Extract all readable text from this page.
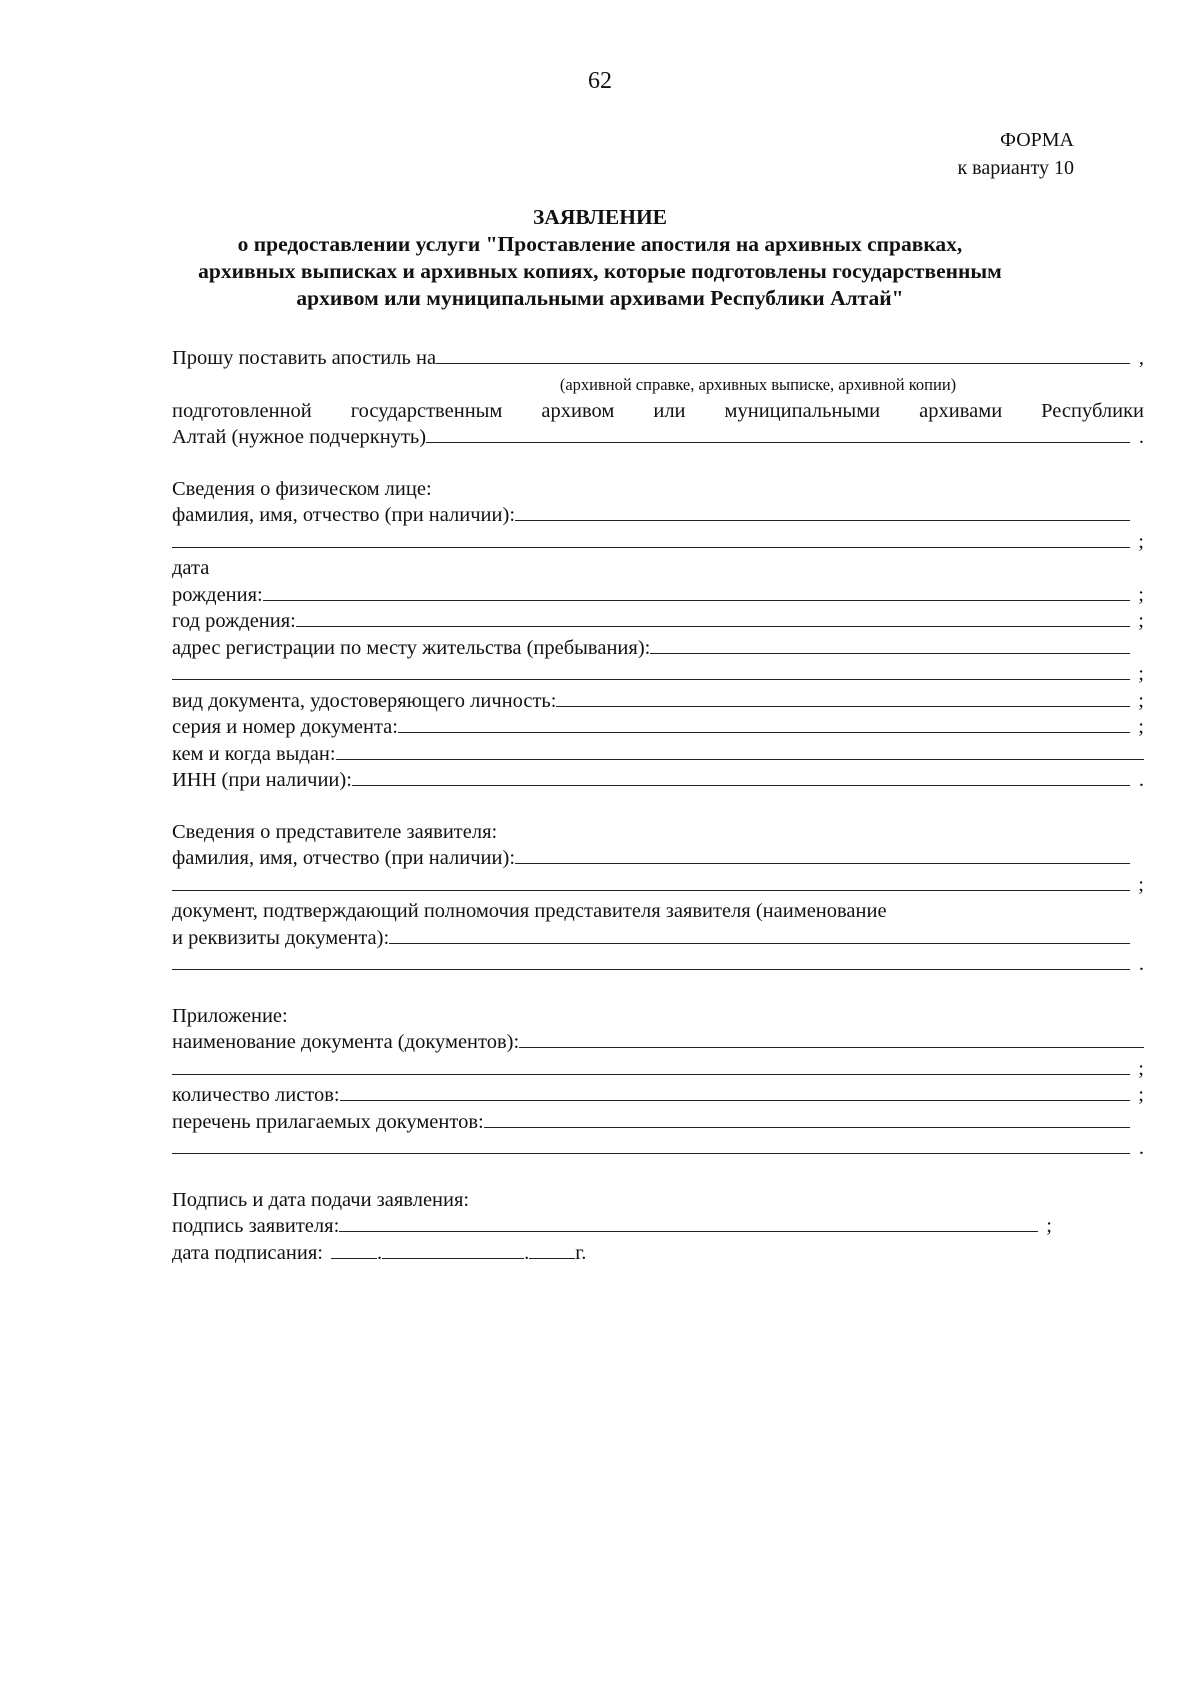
62
ФОРМА
к варианту 10
ЗАЯВЛЕНИЕ
о предоставлении услуги "Проставление апостиля на архивных справках,
архивных выписках и архивных копиях, которые подготовлены государственным
архивом или муниципальными архивами Республики Алтай"
Прошу поставить апостиль на	,
(архивной справке, архивных выписке, архивной копии)
подготовленной государственным архивом или муниципальными архивами Республики
Алтай (нужное подчеркнуть)	.
Сведения о физическом лице:
фамилия, имя, отчество (при наличии):
;
дата
рождения:	;
год рождения:	;
адрес регистрации по месту жительства (пребывания):
;
вид документа, удостоверяющего личность:	;
серия и номер документа:	;
кем и когда выдан:
ИНН (при наличии):	.
Сведения о представителе заявителя:
фамилия, имя, отчество (при наличии):
;
документ, подтверждающий полномочия представителя заявителя (наименование
и реквизиты документа):
.
Приложение:
наименование документа (документов):
;
количество листов:	;
перечень прилагаемых документов:
.
Подпись и дата подачи заявления:
подпись заявителя:	;
дата подписания:	.	. г.
